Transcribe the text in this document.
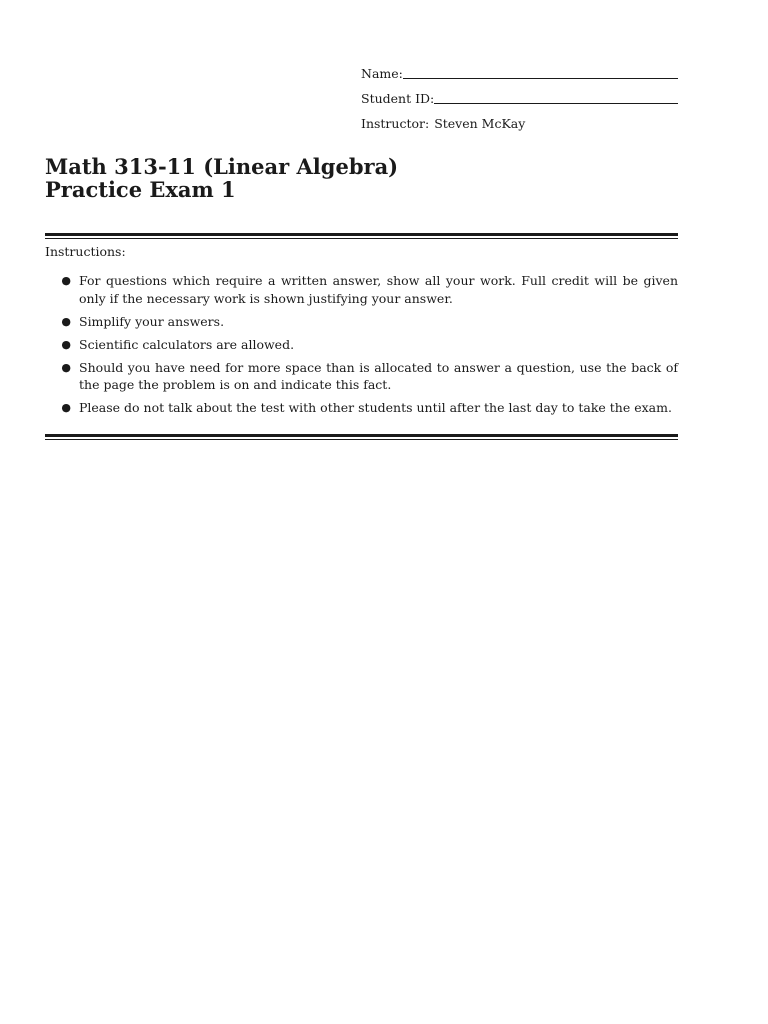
Name:
Student ID:
Instructor: Steven McKay
Math 313-11 (Linear Algebra)
Practice Exam 1
Instructions:
● For questions which require a written answer, show all your work. Full credit will be given only if the necessary work is shown justifying your answer.
● Simplify your answers.
● Scientific calculators are allowed.
● Should you have need for more space than is allocated to answer a question, use the back of the page the problem is on and indicate this fact.
● Please do not talk about the test with other students until after the last day to take the exam.
